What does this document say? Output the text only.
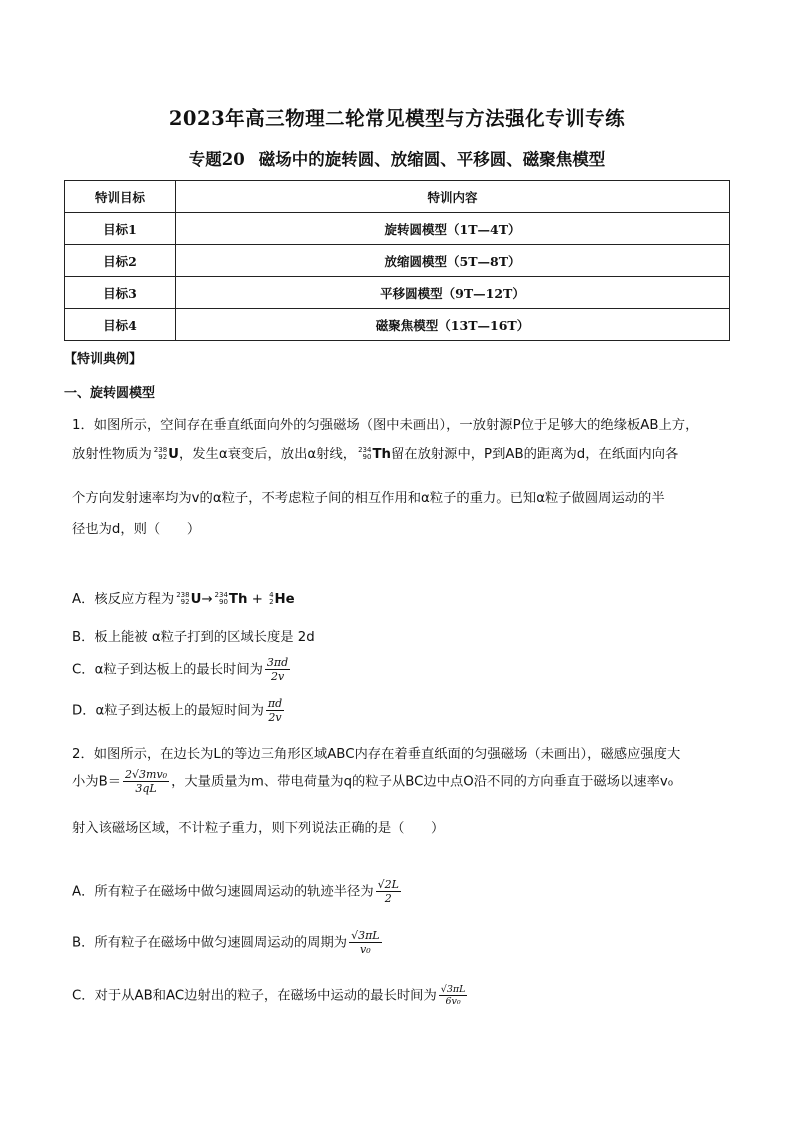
2023年高三物理二轮常见模型与方法强化专训专练
专题20 磁场中的旋转圆、放缩圆、平移圆、磁聚焦模型
特训目标	特训内容
目标1	旋转圆模型（1T—4T）
目标2	放缩圆模型（5T—8T）
目标3	平移圆模型（9T—12T）
目标4	磁聚焦模型（13T—16T）
【特训典例】
一、旋转圆模型
1．如图所示，空间存在垂直纸面向外的匀强磁场（图中未画出），一放射源P位于足够大的绝缘板AB上方，
放射性物质为 238
92 U，发生α衰变后，放出α射线， 234
90 Th留在放射源中，P到AB的距离为d，在纸面内向各
个方向发射速率均为v的α粒子，不考虑粒子间的相互作用和α粒子的重力。已知α粒子做圆周运动的半
径也为d，则（　　）
A．核反应方程为 238
92 U→ 234
90 Th + 4
2 He
B．板上能被 α粒子打到的区域长度是 2d
C．α粒子到达板上的最长时间为 $\frac{3\pi d}{2v}$
D．α粒子到达板上的最短时间为 $\frac{\pi d}{2v}$
2．如图所示，在边长为L的等边三角形区域ABC内存在着垂直纸面的匀强磁场（未画出），磁感应强度大
小为$B= \frac{\text{2√3mv₀}}{3qL}$ ，大量质量为m、带电荷量为q的粒子从BC边中点O沿不同的方向垂直于磁场以速率v₀
射入该磁场区域，不计粒子重力，则下列说法正确的是（　　）
A．所有粒子在磁场中做匀速圆周运动的轨迹半径为 $\frac{√2L}{2}$
B．所有粒子在磁场中做匀速圆周运动的周期为 $\frac{√3\pi L}{\text{v₀}}$
C．对于从AB和AC边射出的粒子，在磁场中运动的最长时间为 $\frac{√3\pi L}{\text{6v₀}}$
